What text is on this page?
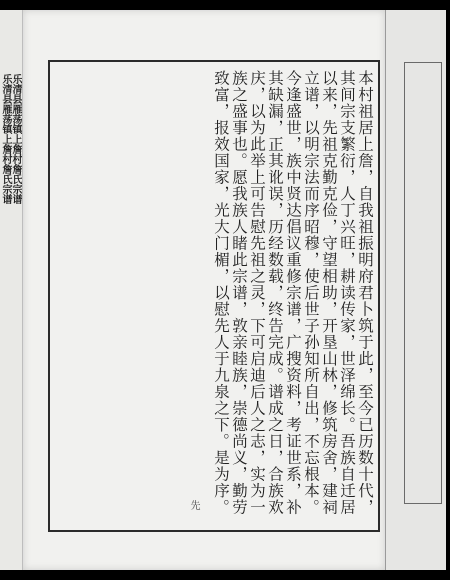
乐清县雁荡镇上詹村詹氏宗谱
乐清县雁荡镇上詹村詹氏宗谱	本村祖居上詹，自我祖振明府君卜筑于此，至今已历数十代，其间宗支繁衍，人丁兴旺，耕读传家，世泽绵长。吾族自迁居以来，先祖克勤克俭，守望相助，开垦山林，修筑房舍，建祠立谱，以明宗法而序昭穆，使后世子孙知所自出，不忘根本。今逢盛世，族中贤达倡议重修宗谱，广搜资料，考证世系，补其缺漏，正其讹误，历经数载，终告完成。谱成之日，合族欢庆，以为此举上可告慰先祖之灵，下可启迪后人之志，实为一族之盛事也。愿我族人睹此宗谱，敦亲睦族，崇德尚义，勤劳致富，报效国家，光大门楣，以慰先人于九泉之下。是为序。

先
